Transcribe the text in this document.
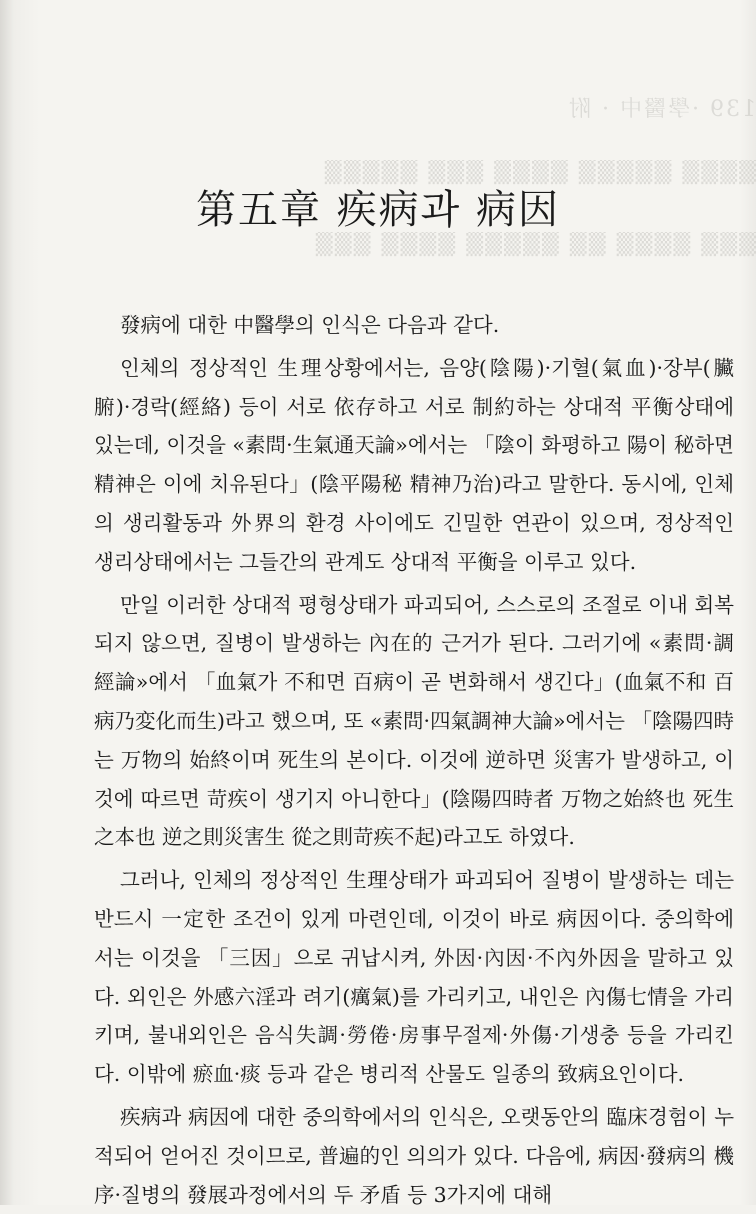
139 ·學醫中 · 附
▒▒▒▒ ▒▒▒▒▒ ▒▒▒▒ ▒▒▒ ▒▒▒▒▒
▒▒▒ ▒▒▒▒ ▒▒ ▒▒▒▒▒ ▒▒▒▒ ▒▒▒
第五章 疾病과 病因

發病에 대한 中醫學의 인식은 다음과 같다.

인체의 정상적인 生理상황에서는, 음양(陰陽)·기혈(氣血)·장부(臟腑)·경락(經絡) 등이 서로 依存하고 서로 制約하는 상대적 平衡상태에 있는데, 이것을 «素問·生氣通天論»에서는 「陰이 화평하고 陽이 秘하면 精神은 이에 치유된다」(陰平陽秘 精神乃治)라고 말한다. 동시에, 인체의 생리활동과 外界의 환경 사이에도 긴밀한 연관이 있으며, 정상적인 생리상태에서는 그들간의 관계도 상대적 平衡을 이루고 있다.

만일 이러한 상대적 평형상태가 파괴되어, 스스로의 조절로 이내 회복되지 않으면, 질병이 발생하는 內在的 근거가 된다. 그러기에 «素問·調經論»에서 「血氣가 不和면 百病이 곧 변화해서 생긴다」(血氣不和 百病乃変化而生)라고 했으며, 또 «素問·四氣調神大論»에서는 「陰陽四時는 万物의 始終이며 死生의 본이다. 이것에 逆하면 災害가 발생하고, 이것에 따르면 苛疾이 생기지 아니한다」(陰陽四時者 万物之始終也 死生之本也 逆之則災害生 從之則苛疾不起)라고도 하였다.

그러나, 인체의 정상적인 生理상태가 파괴되어 질병이 발생하는 데는 반드시 一定한 조건이 있게 마련인데, 이것이 바로 病因이다. 중의학에서는 이것을 「三因」으로 귀납시켜, 外因·內因·不內外因을 말하고 있다. 외인은 外感六淫과 려기(癘氣)를 가리키고, 내인은 內傷七情을 가리키며, 불내외인은 음식失調·勞倦·房事무절제·外傷·기생충 등을 가리킨다. 이밖에 瘀血·痰 등과 같은 병리적 산물도 일종의 致病요인이다.

疾病과 病因에 대한 중의학에서의 인식은, 오랫동안의 臨床경험이 누적되어 얻어진 것이므로, 普遍的인 의의가 있다. 다음에, 病因·發病의 機序·질병의 發展과정에서의 두 矛盾 등 3가지에 대해
